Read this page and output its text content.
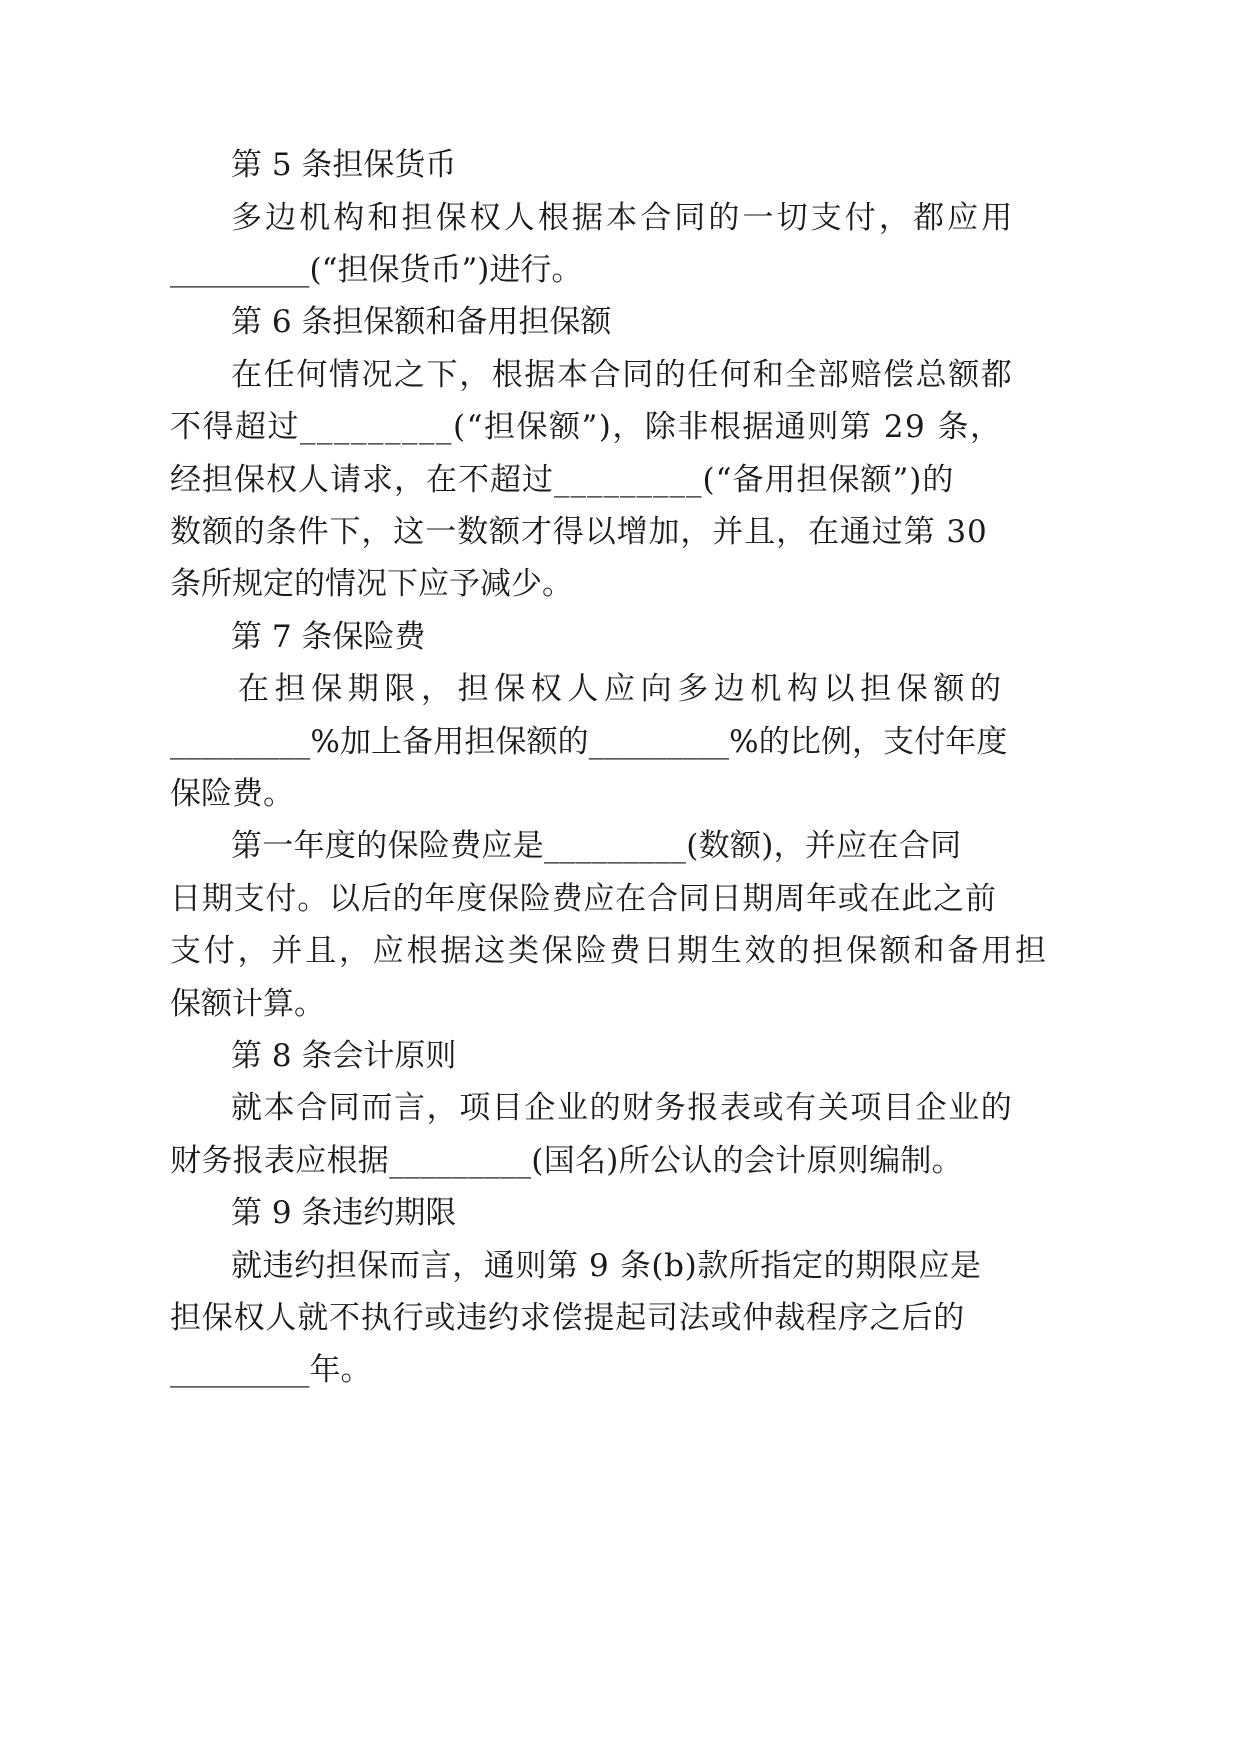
第 5 条担保货币
多边机构和担保权人根据本合同的一切支付，都应用
_________(“担保货币”)进行。
第 6 条担保额和备用担保额
在任何情况之下，根据本合同的任何和全部赔偿总额都
不得超过_________(“担保额”)，除非根据通则第 29 条，
经担保权人请求，在不超过_________(“备用担保额”)的
数额的条件下，这一数额才得以增加，并且，在通过第 30
条所规定的情况下应予减少。
第 7 条保险费
在担保期限，担保权人应向多边机构以担保额的
_________%加上备用担保额的_________%的比例，支付年度
保险费。
第一年度的保险费应是_________(数额)，并应在合同
日期支付。以后的年度保险费应在合同日期周年或在此之前
支付，并且，应根据这类保险费日期生效的担保额和备用担
保额计算。
第 8 条会计原则
就本合同而言，项目企业的财务报表或有关项目企业的
财务报表应根据_________(国名)所公认的会计原则编制。
第 9 条违约期限
就违约担保而言，通则第 9 条(b)款所指定的期限应是
担保权人就不执行或违约求偿提起司法或仲裁程序之后的
_________年。
